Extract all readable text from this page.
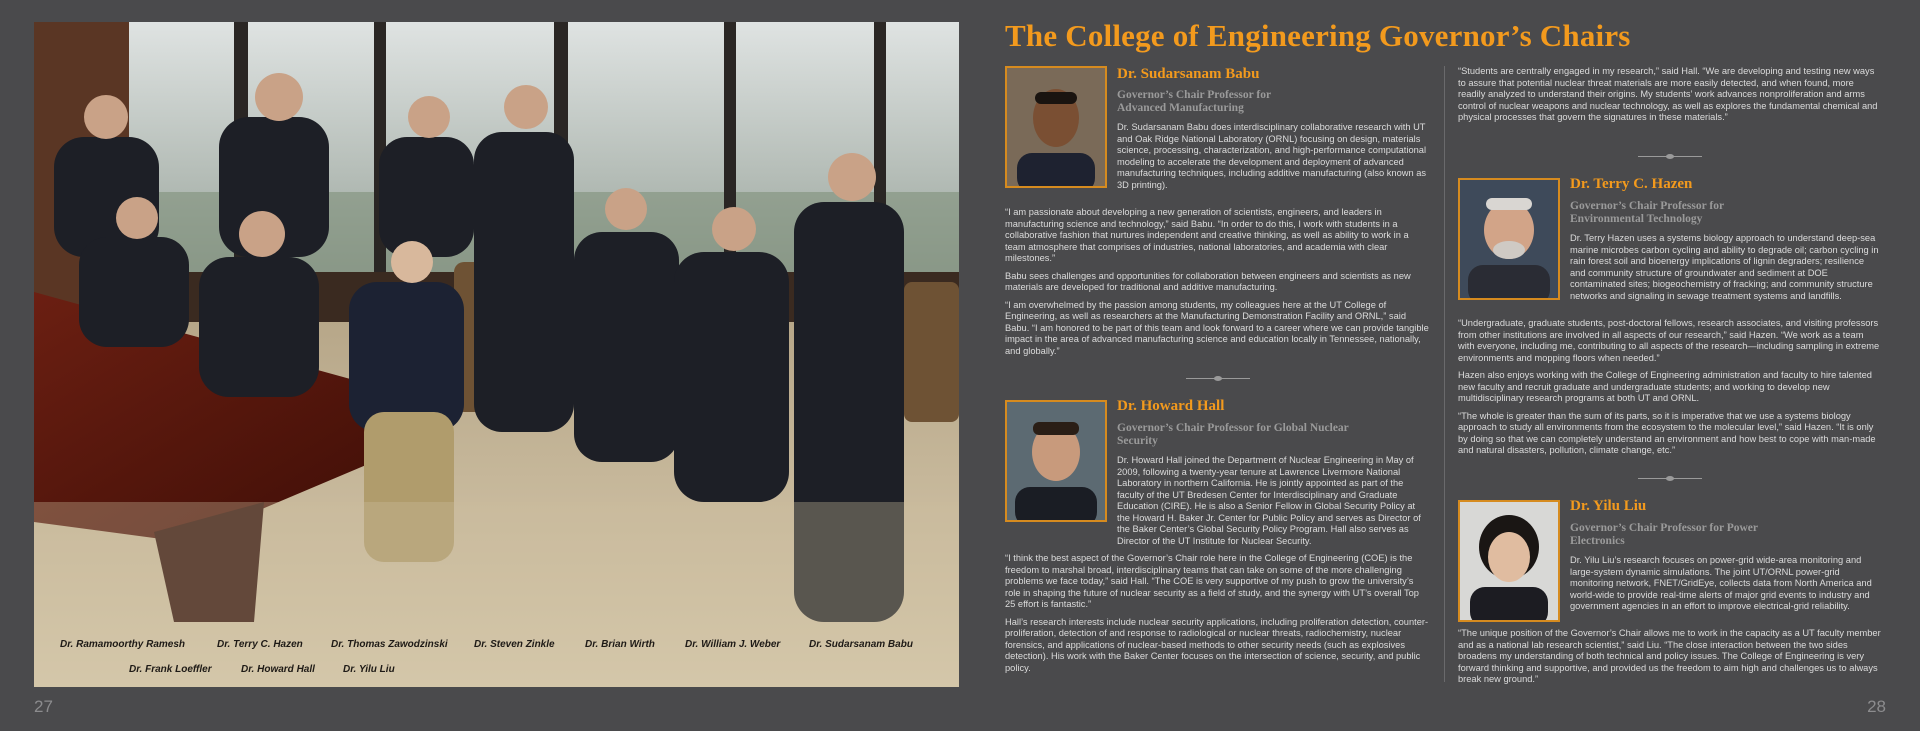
Dr. Ramamoorthy Ramesh	Dr. Terry C. Hazen	Dr. Thomas Zawodzinski	Dr. Steven Zinkle	Dr. Brian Wirth	Dr. William J. Weber	Dr. Sudarsanam Babu
Dr. Frank Loeffler	Dr. Howard Hall	Dr. Yilu Liu
27
The College of Engineering Governor’s Chairs
Dr. Sudarsanam Babu
Governor’s Chair Professor for Advanced Manufacturing
Dr. Sudarsanam Babu does interdisciplinary collaborative research with UT and Oak Ridge National Laboratory (ORNL) focusing on design, materials science, processing, characterization, and high-performance computational modeling to accelerate the development and deployment of advanced manufacturing techniques, including additive manufacturing (also known as 3D printing).

“I am passionate about developing a new generation of scientists, engineers, and leaders in manufacturing science and technology,” said Babu. “In order to do this, I work with students in a collaborative fashion that nurtures independent and creative thinking, as well as ability to work in a team atmosphere that comprises of industries, national laboratories, and academia with clear milestones.”

Babu sees challenges and opportunities for collaboration between engineers and scientists as new materials are developed for traditional and additive manufacturing.

“I am overwhelmed by the passion among students, my colleagues here at the UT College of Engineering, as well as researchers at the Manufacturing Demonstration Facility and ORNL,” said Babu. “I am honored to be part of this team and look forward to a career where we can provide tangible impact in the area of advanced manufacturing science and education locally in Tennessee, nationally, and globally.”

Dr. Howard Hall
Governor’s Chair Professor for Global Nuclear Security

Dr. Howard Hall joined the Department of Nuclear Engineering in May of 2009, following a twenty-year tenure at Lawrence Livermore National Laboratory in northern California. He is jointly appointed as part of the faculty of the UT Bredesen Center for Interdisciplinary and Graduate Education (CIRE). He is also a Senior Fellow in Global Security Policy at the Howard H. Baker Jr. Center for Public Policy and serves as Director of the Baker Center’s Global Security Policy Program. Hall also serves as Director of the UT Institute for Nuclear Security.

“I think the best aspect of the Governor’s Chair role here in the College of Engineering (COE) is the freedom to marshal broad, interdisciplinary teams that can take on some of the more challenging problems we face today,” said Hall. “The COE is very supportive of my push to grow the university’s role in shaping the future of nuclear security as a field of study, and the synergy with UT’s overall Top 25 effort is fantastic.”

Hall’s research interests include nuclear security applications, including proliferation detection, counter-proliferation, detection of and response to radiological or nuclear threats, radiochemistry, nuclear forensics, and applications of nuclear-based methods to other security needs (such as explosives detection). His work with the Baker Center focuses on the intersection of science, security, and public policy.

“Students are centrally engaged in my research,” said Hall. “We are developing and testing new ways to assure that potential nuclear threat materials are more easily detected, and when found, more readily analyzed to understand their origins. My students’ work advances nonproliferation and arms control of nuclear weapons and nuclear technology, as well as explores the fundamental chemical and physical processes that govern the signatures in these materials.”

Dr. Terry C. Hazen
Governor’s Chair Professor for Environmental Technology
Dr. Terry Hazen uses a systems biology approach to understand deep-sea marine microbes carbon cycling and ability to degrade oil; carbon cycling in rain forest soil and bioenergy implications of lignin degraders; resilience and community structure of groundwater and sediment at DOE contaminated sites; biogeochemistry of fracking; and community structure networks and signaling in sewage treatment systems and landfills.

“Undergraduate, graduate students, post-doctoral fellows, research associates, and visiting professors from other institutions are involved in all aspects of our research,” said Hazen. “We work as a team with everyone, including me, contributing to all aspects of the research—including sampling in extreme environments and mopping floors when needed.”

Hazen also enjoys working with the College of Engineering administration and faculty to hire talented new faculty and recruit graduate and undergraduate students; and working to develop new multidisciplinary research programs at both UT and ORNL.

“The whole is greater than the sum of its parts, so it is imperative that we use a systems biology approach to study all environments from the ecosystem to the molecular level,” said Hazen. “It is only by doing so that we can completely understand an environment and how best to cope with man-made and natural disasters, pollution, climate change, etc.”

Dr. Yilu Liu
Governor’s Chair Professor for Power Electronics
Dr. Yilu Liu’s research focuses on power-grid wide-area monitoring and large-system dynamic simulations. The joint UT/ORNL power-grid monitoring network, FNET/GridEye, collects data from North America and world-wide to provide real-time alerts of major grid events to industry and government agencies in an effort to improve electrical-grid reliability.

“The unique position of the Governor’s Chair allows me to work in the capacity as a UT faculty member and as a national lab research scientist,” said Liu. “The close interaction between the two sides broadens my understanding of both technical and policy issues. The College of Engineering is very forward thinking and supportive, and provided us the freedom to aim high and challenges us to always break new ground.”

28
